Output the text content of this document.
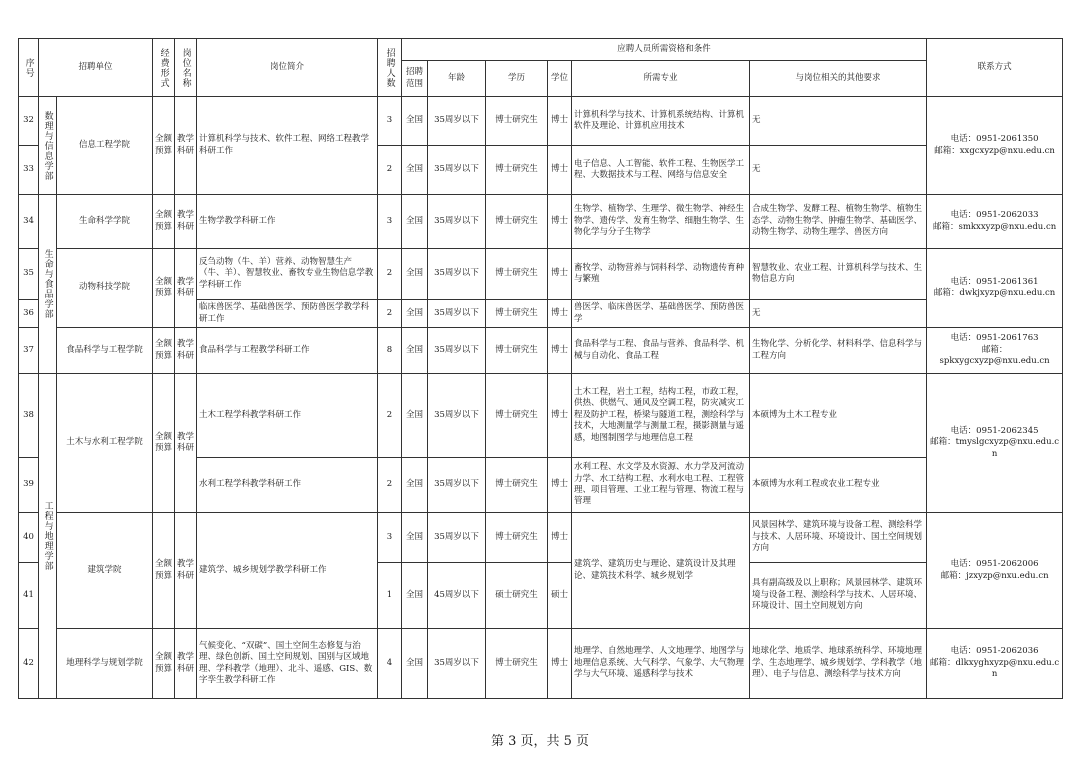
序号	招聘单位		经费形式	岗位名称	岗位简介	招聘人数	应聘人员所需资格和条件						联系方式
							招聘范围	年龄	学历	学位	所需专业	与岗位相关的其他要求	
32	数理与信息学部	信息工程学院	全额预算	教学科研	计算机科学与技术、软件工程、网络工程教学科研工作	3	全国	35周岁以下	博士研究生	博士	计算机科学与技术、计算机系统结构、计算机软件及理论、计算机应用技术	无	电话：0951-2061350
邮箱：xxgcxyzp@nxu.edu.cn

33						2	全国	35周岁以下	博士研究生	博士	电子信息、人工智能、软件工程、生物医学工程、大数据技术与工程、网络与信息安全	无	
34	生命与食品学部	生命科学学院	全额预算	教学科研	生物学教学科研工作	3	全国	35周岁以下	博士研究生	博士	生物学、植物学、生理学、微生物学、神经生物学、遗传学、发育生物学、细胞生物学、生物化学与分子生物学	合成生物学、发酵工程、植物生物学、植物生态学、动物生物学、肿瘤生物学、基础医学、动物生物学、动物生理学、兽医方向	电话：0951-2062033
邮箱：smkxxyzp@nxu.edu.cn

35		动物科技学院	全额预算	教学科研	反刍动物（牛、羊）营养、动物智慧生产（牛、羊）、智慧牧业、畜牧专业生物信息学教学科研工作	2	全国	35周岁以下	博士研究生	博士	畜牧学、动物营养与饲料科学、动物遗传育种与繁殖	智慧牧业、农业工程、计算机科学与技术、生物信息方向	电话：0951-2061361
邮箱：dwkjxyzp@nxu.edu.cn

36					临床兽医学、基础兽医学、预防兽医学教学科研工作	2	全国	35周岁以下	博士研究生	博士	兽医学、临床兽医学、基础兽医学、预防兽医学	无	
37		食品科学与工程学院	全额预算	教学科研	食品科学与工程教学科研工作	8	全国	35周岁以下	博士研究生	博士	食品科学与工程、食品与营养、食品科学、机械与自动化、食品工程	生物化学、分析化学、材料科学、信息科学与工程方向	电话：0951-2061763
邮箱：
spkxygcxyzp@nxu.edu.cn

38	工程与地理学部	土木与水利工程学院	全额预算	教学科研	土木工程学科教学科研工作	2	全国	35周岁以下	博士研究生	博士	土木工程，岩土工程，结构工程，市政工程，供热、供燃气、通风及空调工程，防灾减灾工程及防护工程，桥梁与隧道工程，测绘科学与技术，大地测量学与测量工程，摄影测量与遥感，地图制图学与地理信息工程	本硕博为土木工程专业	电话：0951-2062345
邮箱：tmyslgcxyzp@nxu.edu.cn

39					水利工程学科教学科研工作	2	全国	35周岁以下	博士研究生	博士	水利工程、水文学及水资源、水力学及河流动力学、水工结构工程、水利水电工程、工程管理、项目管理、工业工程与管理、物流工程与管理	本硕博为水利工程或农业工程专业	
40		建筑学院	全额预算	教学科研	建筑学、城乡规划学教学科研工作	3	全国	35周岁以下	博士研究生	博士	建筑学、建筑历史与理论、建筑设计及其理论、建筑技术科学、城乡规划学	风景园林学、建筑环境与设备工程、测绘科学与技术、人居环境、环境设计、国土空间规划方向	电话：0951-2062006
邮箱：jzxyzp@nxu.edu.cn

41						1	全国	45周岁以下	硕士研究生	硕士		具有副高级及以上职称；风景园林学、建筑环境与设备工程、测绘科学与技术、人居环境、环境设计、国土空间规划方向	
42		地理科学与规划学院	全额预算	教学科研	气候变化、“双碳”、国土空间生态修复与治理、绿色创新、国土空间规划、国别与区域地理、学科教学（地理）、北斗、遥感、GIS、数字孪生教学科研工作	4	全国	35周岁以下	博士研究生	博士	地理学、自然地理学、人文地理学、地图学与地理信息系统、大气科学、气象学、大气物理学与大气环境、遥感科学与技术	地球化学、地质学、地球系统科学、环境地理学、生态地理学、城乡规划学、学科教学（地理）、电子与信息、测绘科学与技术方向	电话：0951-2062036
邮箱：dlkxyghxyzp@nxu.edu.cn
第 3 页，共 5 页
